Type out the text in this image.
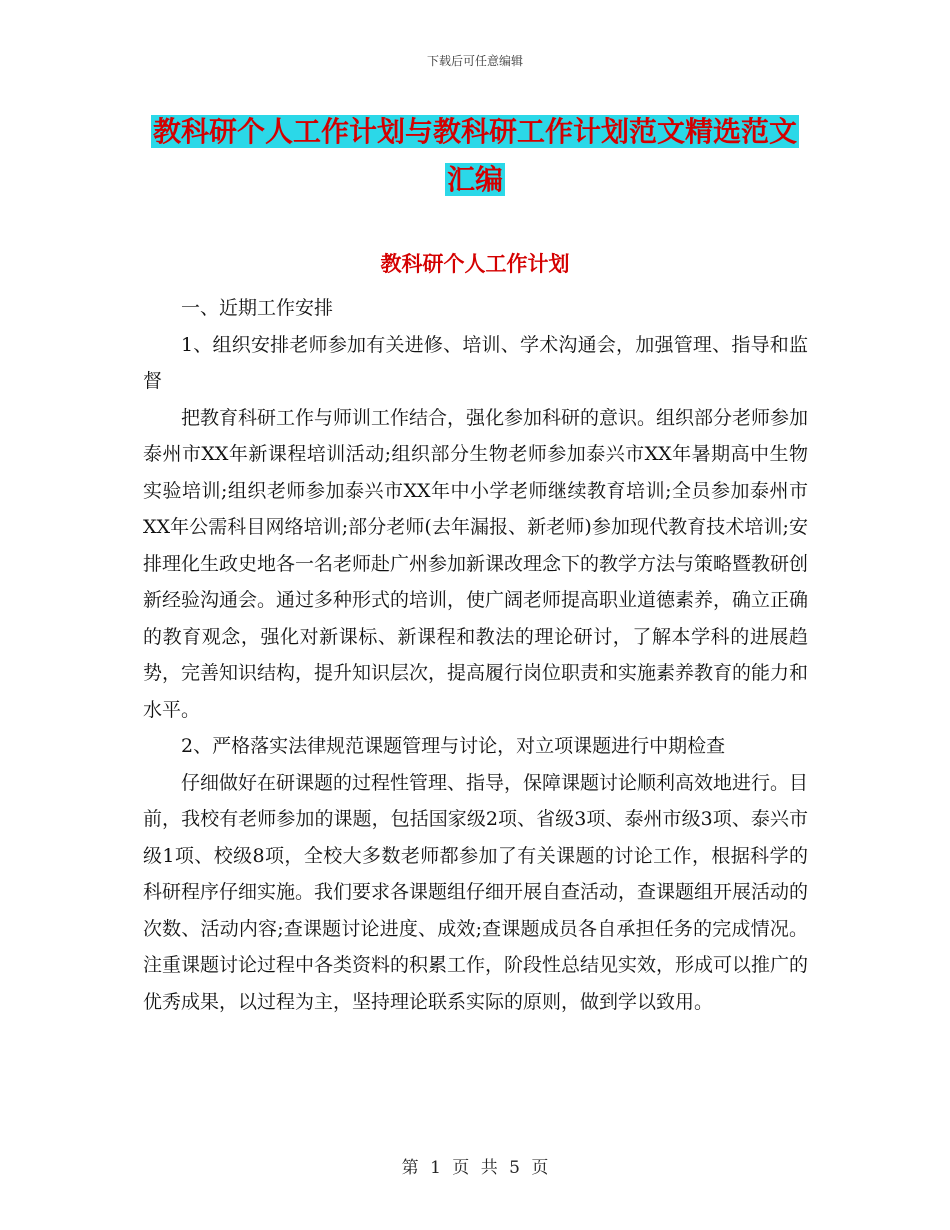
下载后可任意编辑
教科研个人工作计划与教科研工作计划范文精选范文
汇编
教科研个人工作计划

一、近期工作安排

1、组织安排老师参加有关进修、培训、学术沟通会，加强管理、指导和监督

把教育科研工作与师训工作结合，强化参加科研的意识。组织部分老师参加泰州市XX年新课程培训活动;组织部分生物老师参加泰兴市XX年暑期高中生物实验培训;组织老师参加泰兴市XX年中小学老师继续教育培训;全员参加泰州市XX年公需科目网络培训;部分老师(去年漏报、新老师)参加现代教育技术培训;安排理化生政史地各一名老师赴广州参加新课改理念下的教学方法与策略暨教研创新经验沟通会。通过多种形式的培训，使广阔老师提高职业道德素养，确立正确的教育观念，强化对新课标、新课程和教法的理论研讨，了解本学科的进展趋势，完善知识结构，提升知识层次，提高履行岗位职责和实施素养教育的能力和水平。

2、严格落实法律规范课题管理与讨论，对立项课题进行中期检查

仔细做好在研课题的过程性管理、指导，保障课题讨论顺利高效地进行。目前，我校有老师参加的课题，包括国家级2项、省级3项、泰州市级3项、泰兴市级1项、校级8项，全校大多数老师都参加了有关课题的讨论工作，根据科学的科研程序仔细实施。我们要求各课题组仔细开展自查活动，查课题组开展活动的次数、活动内容;查课题讨论进度、成效;查课题成员各自承担任务的完成情况。注重课题讨论过程中各类资料的积累工作，阶段性总结见实效，形成可以推广的优秀成果，以过程为主，坚持理论联系实际的原则，做到学以致用。

第 1 页 共 5 页
